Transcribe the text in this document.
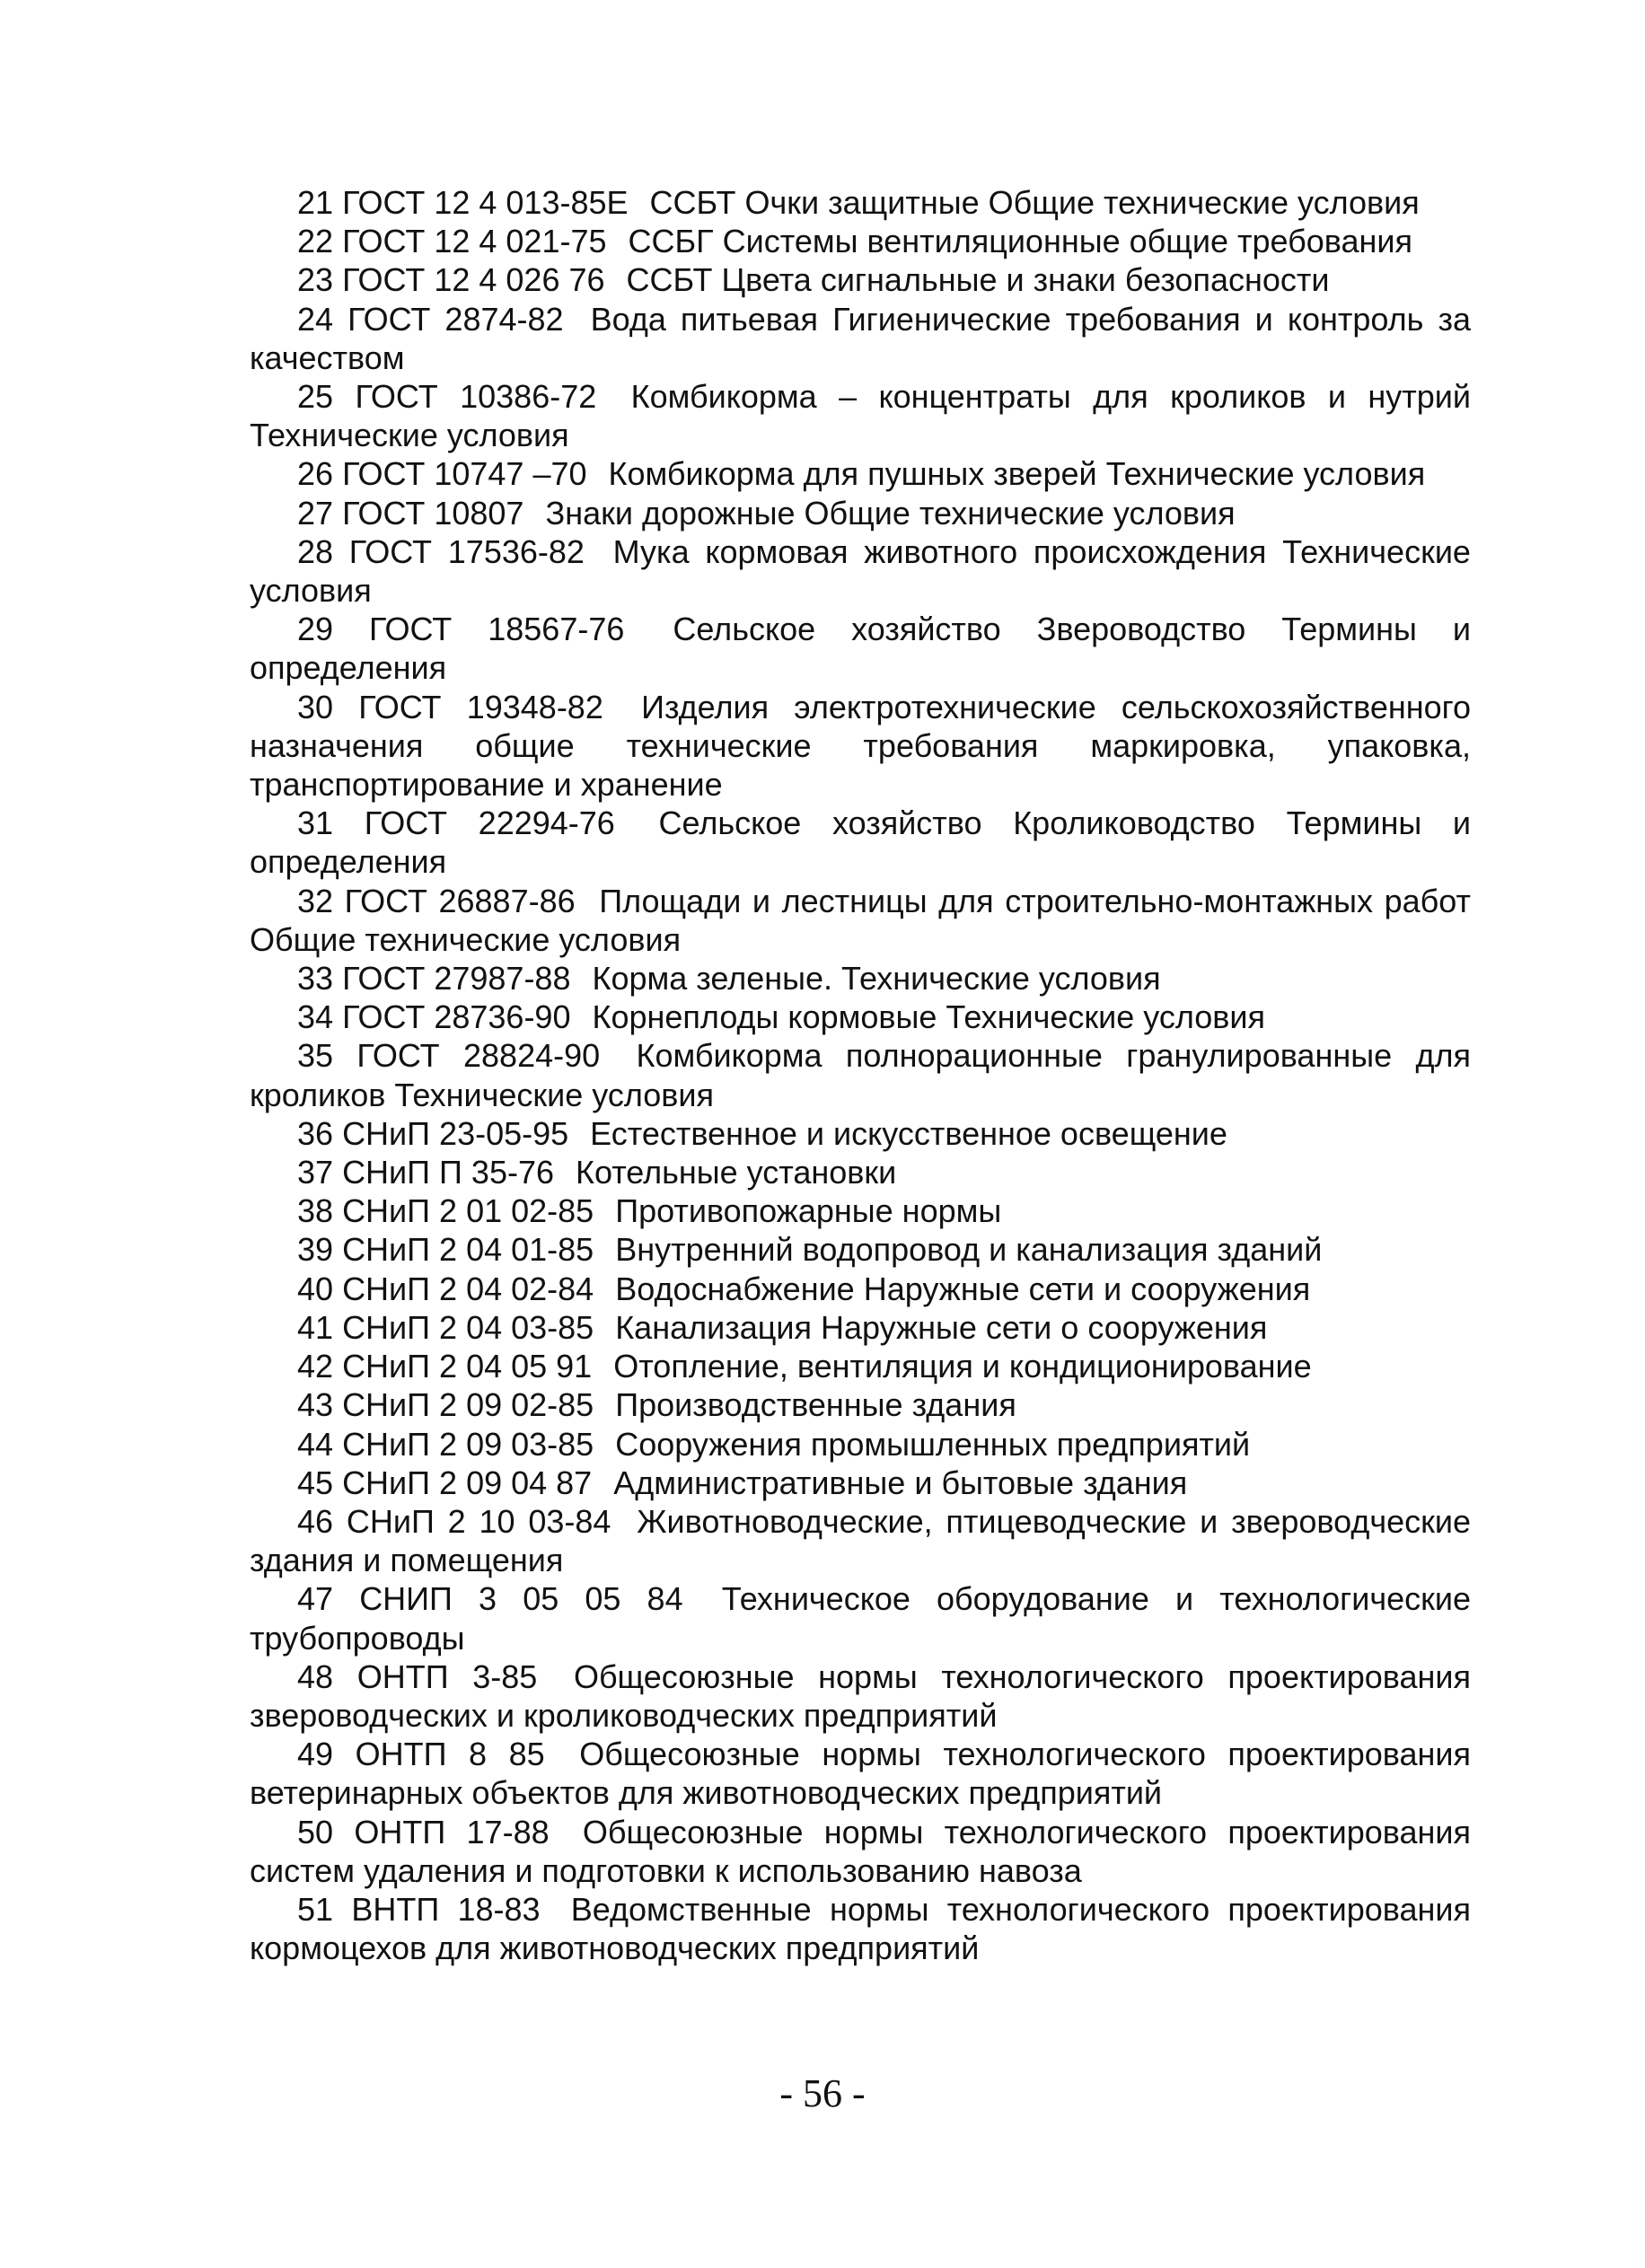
21 ГОСТ 12 4 013-85Е ССБТ Очки защитные Общие технические условия

22 ГОСТ 12 4 021-75 ССБГ Системы вентиляционные общие требования

23 ГОСТ 12 4 026 76 ССБТ Цвета сигнальные и знаки безопасности

24 ГОСТ 2874-82 Вода питьевая Гигиенические требования и контроль за качеством

25 ГОСТ 10386-72 Комбикорма – концентраты для кроликов и нутрий Технические условия

26 ГОСТ 10747 –70 Комбикорма для пушных зверей Технические условия

27 ГОСТ 10807 Знаки дорожные Общие технические условия

28 ГОСТ 17536-82 Мука кормовая животного происхождения Технические условия

29 ГОСТ 18567-76 Сельское хозяйство Звероводство Термины и определения

30 ГОСТ 19348-82 Изделия электротехнические сельскохозяйственного назначения общие технические требования маркировка, упаковка, транспортирование и хранение

31 ГОСТ 22294-76 Сельское хозяйство Кролиководство Термины и определения

32 ГОСТ 26887-86 Площади и лестницы для строительно-монтажных работ Общие технические условия

33 ГОСТ 27987-88 Корма зеленые. Технические условия

34 ГОСТ 28736-90 Корнеплоды кормовые Технические условия

35 ГОСТ 28824-90 Комбикорма полнорационные гранулированные для кроликов Технические условия

36 СНиП 23-05-95 Естественное и искусственное освещение

37 СНиП П 35-76 Котельные установки

38 СНиП 2 01 02-85 Противопожарные нормы

39 СНиП 2 04 01-85 Внутренний водопровод и канализация зданий

40 СНиП 2 04 02-84 Водоснабжение Наружные сети и сооружения

41 СНиП 2 04 03-85 Канализация Наружные сети о сооружения

42 СНиП 2 04 05 91 Отопление, вентиляция и кондиционирование

43 СНиП 2 09 02-85 Производственные здания

44 СНиП 2 09 03-85 Сооружения промышленных предприятий

45 СНиП 2 09 04 87 Административные и бытовые здания

46 СНиП 2 10 03-84 Животноводческие, птицеводческие и звероводческие здания и помещения

47 СНИП 3 05 05 84 Техническое оборудование и технологические трубопроводы

48 ОНТП 3-85 Общесоюзные нормы технологического проектирования звероводческих и кролиководческих предприятий

49 ОНТП 8 85 Общесоюзные нормы технологического проектирования ветеринарных объектов для животноводческих предприятий

50 ОНТП 17-88 Общесоюзные нормы технологического проектирования систем удаления и подготовки к использованию навоза

51 ВНТП 18-83 Ведомственные нормы технологического проектирования кормоцехов для животноводческих предприятий

- 56 -
